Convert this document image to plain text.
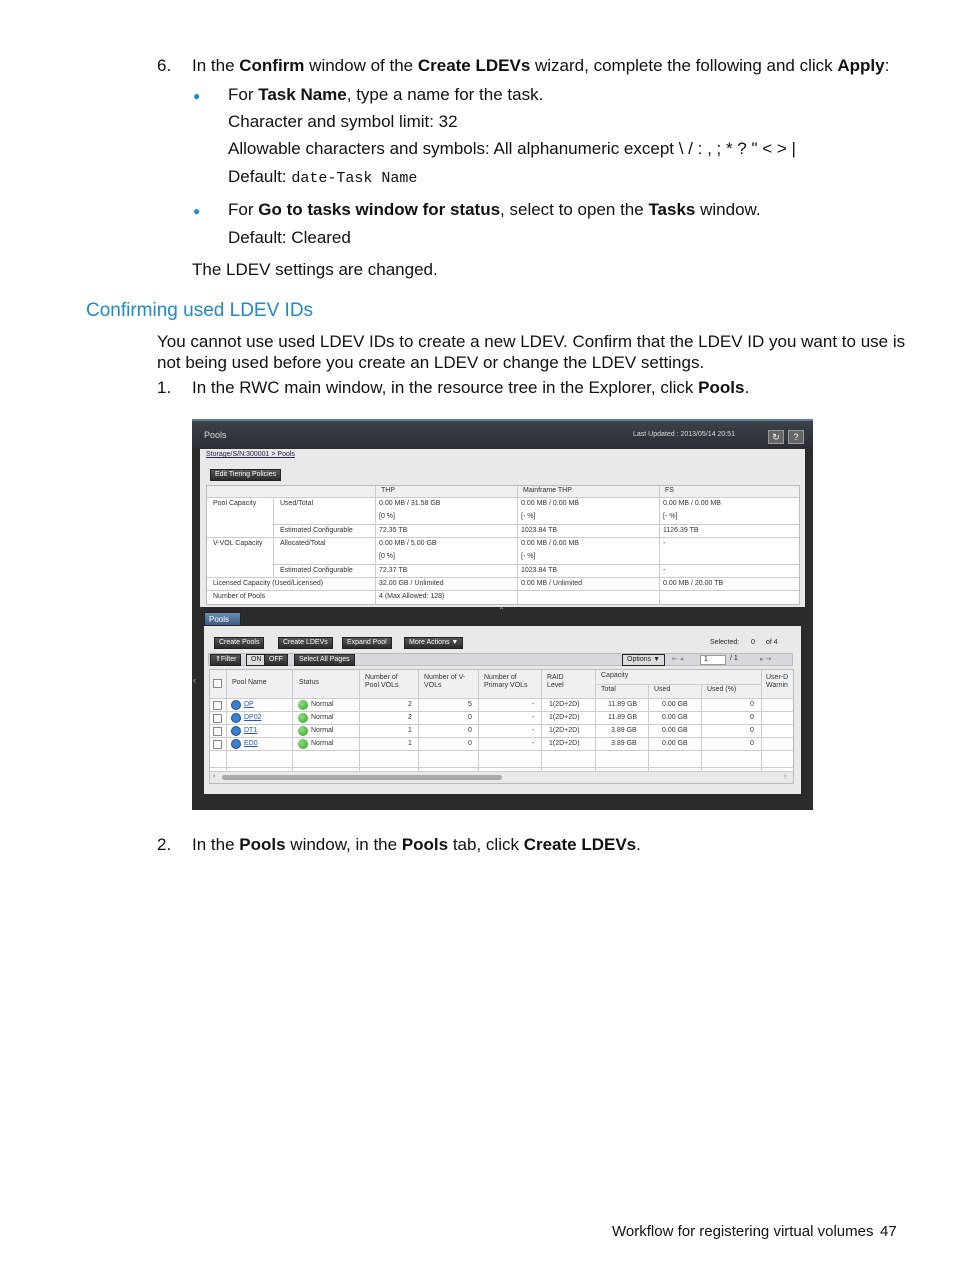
6. In the Confirm window of the Create LDEVs wizard, complete the following and click Apply:
● For Task Name, type a name for the task.
Character and symbol limit: 32
Allowable characters and symbols: All alphanumeric except \ / : , ; * ? " < > |
Default: date-Task Name
● For Go to tasks window for status, select to open the Tasks window.
Default: Cleared
The LDEV settings are changed.
Confirming used LDEV IDs
You cannot use used LDEV IDs to create a new LDEV. Confirm that the LDEV ID you want to use is
not being used before you create an LDEV or change the LDEV settings.
1. In the RWC main window, in the resource tree in the Explorer, click Pools.
Pools	Last Updated : 2013/05/14 20:51	↻	?
Storage/S/N:300001 > Pools
Edit Tiering Policies
THP	Mainframe THP	FS
Pool Capacity	Used/Total
Estimated Configurable
V-VOL Capacity Allocated/Total
Estimated Configurable
Licensed Capacity (Used/Licensed)
Number of Pools
0.00 MB / 31.58 GB	0.00 MB / 0.00 MB	0.00 MB / 0.00 MB
[0 %]	[- %]	[- %]
72.35 TB	1023.84 TB	1126.39 TB
0.00 MB / 5.00 GB	0.00 MB / 0.00 MB	-
[0 %]	[- %]
72.37 TB	1023.84 TB	-
32.00 GB / Unlimited	0.00 MB / Unlimited	0.00 MB / 20.00 TB
4 (Max Allowed: 128)
⌃
Pools
Create Pools	Create LDEVs	Expand Pool	More Actions ▼	Selected: 0 of 4
⇑Filter	ON	OFF	Select All Pages	Options ▼	⇤ ◂	1	/ 1	▸ ⇥
‹	Pool Name	Status
Number of Pool VOLs
Number of V-VOLs
Number of Primary VOLs
RAID Level
Capacity
Total	Used	Used (%)
User-D Warnin
DP	Normal	2	5	- 1(2D+2D)	11.89 GB	0.00 GB	0
DP02	Normal	2	0	- 1(2D+2D)	11.89 GB	0.00 GB	0
DT1	Normal	1	0	- 1(2D+2D)	3.89 GB	0.00 GB	0
ED0	Normal	1	0	- 1(2D+2D)	3.89 GB	0.00 GB	0
‹	›
2. In the Pools window, in the Pools tab, click Create LDEVs.
Workflow for registering virtual volumes 47
